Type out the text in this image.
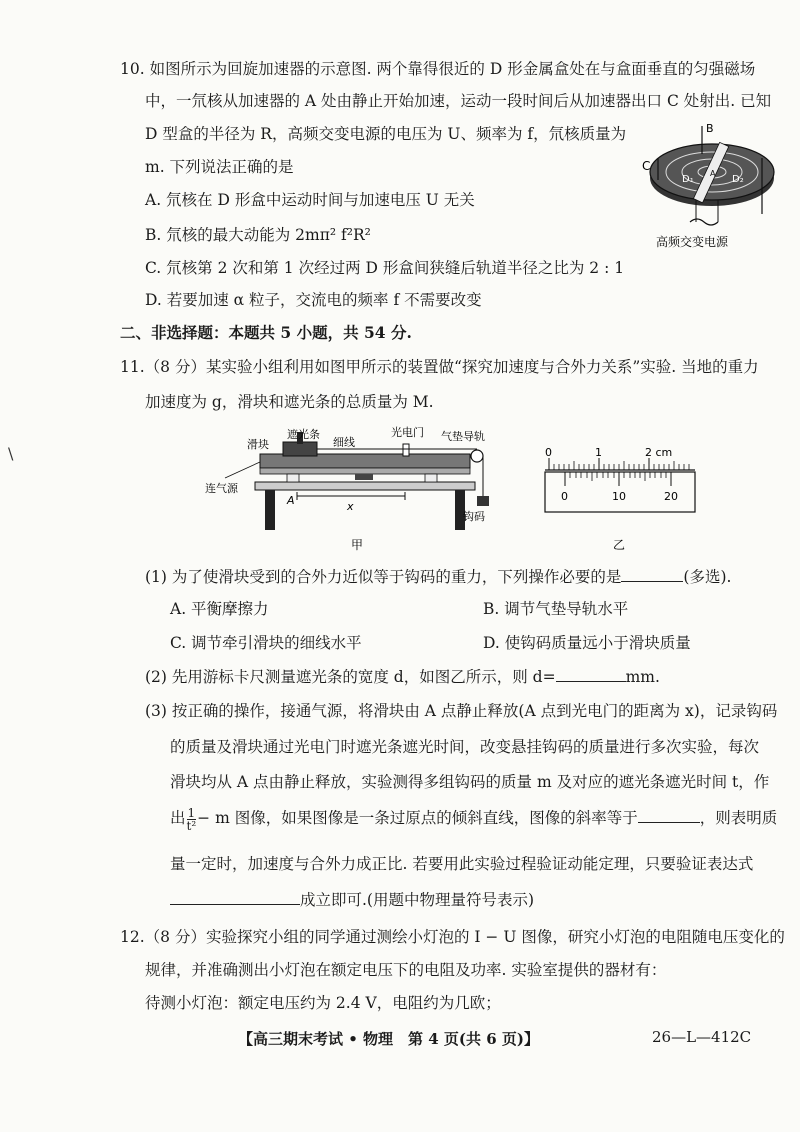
10. 如图所示为回旋加速器的示意图. 两个靠得很近的 D 形金属盒处在与盒面垂直的匀强磁场
中，一氘核从加速器的 A 处由静止开始加速，运动一段时间后从加速器出口 C 处射出. 已知
D 型盒的半径为 R，高频交变电源的电压为 U、频率为 f，氘核质量为
m. 下列说法正确的是
A. 氘核在 D 形盒中运动时间与加速电压 U 无关
B. 氘核的最大动能为 2mπ² f²R²
C. 氘核第 2 次和第 1 次经过两 D 形盒间狭缝后轨道半径之比为 2 : 1
D. 若要加速 α 粒子，交流电的频率 f 不需要改变
B
C
D₁	D₂
A
高频交变电源
二、非选择题：本题共 5 小题，共 54 分.
11.（8 分）某实验小组利用如图甲所示的装置做“探究加速度与合外力关系”实验. 当地的重力
加速度为 g，滑块和遮光条的总质量为 M.
遮光条
滑块	细线
光电门 气垫导轨
连气源
A	x
钩码
甲
0	1	2 cm
0	10	20
乙
(1) 为了使滑块受到的合外力近似等于钩码的重力，下列操作必要的是	(多选).
A. 平衡摩擦力	B. 调节气垫导轨水平
C. 调节牵引滑块的细线水平	D. 使钩码质量远小于滑块质量
(2) 先用游标卡尺测量遮光条的宽度 d，如图乙所示，则 d=	mm.
(3) 按正确的操作，接通气源，将滑块由 A 点静止释放(A 点到光电门的距离为 x)，记录钩码
的质量及滑块通过光电门时遮光条遮光时间，改变悬挂钩码的质量进行多次实验，每次
滑块均从 A 点由静止释放，实验测得多组钩码的质量 m 及对应的遮光条遮光时间 t，作
出 $\frac{1}{\text{t²}} - m$ 图像，如果图像是一条过原点的倾斜直线，图像的斜率等于	，则表明质
量一定时，加速度与合外力成正比. 若要用此实验过程验证动能定理，只要验证表达式
成立即可.(用题中物理量符号表示)
12.（8 分）实验探究小组的同学通过测绘小灯泡的 I − U 图像，研究小灯泡的电阻随电压变化的
规律，并准确测出小灯泡在额定电压下的电阻及功率. 实验室提供的器材有：
待测小灯泡：额定电压约为 2.4 V，电阻约为几欧；
【高三期末考试 • 物理　第 4 页(共 6 页)】	26—L—412C
\
